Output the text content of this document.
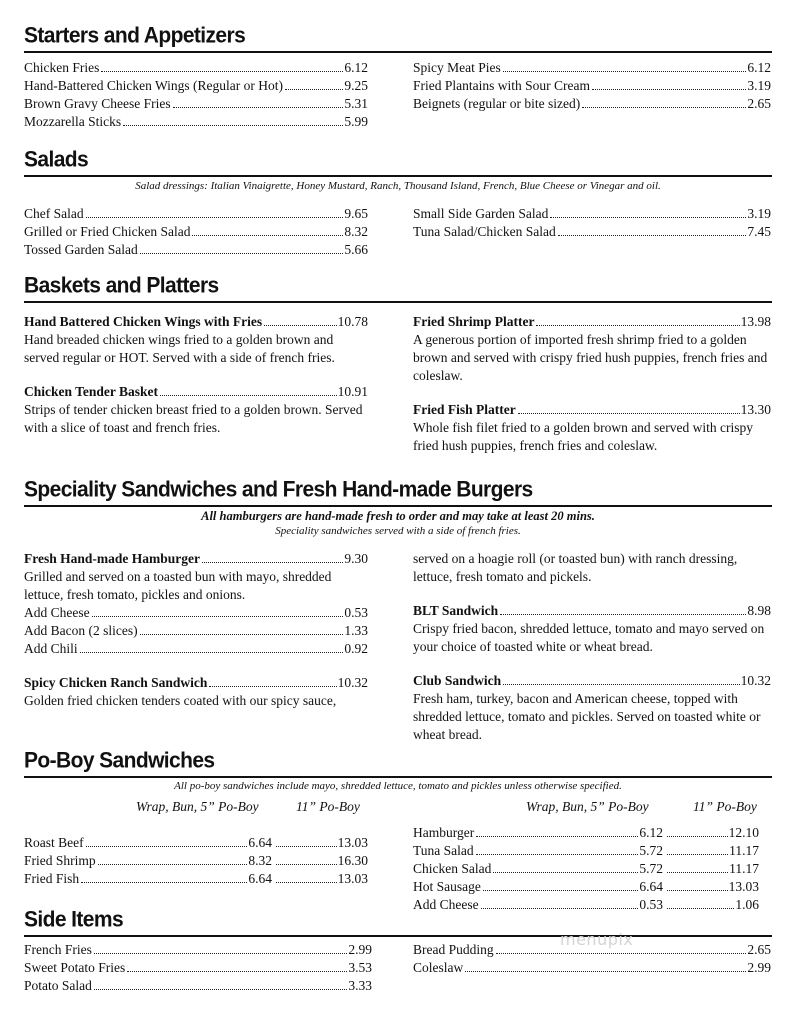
Starters and Appetizers
Chicken Fries	6.12
Hand-Battered Chicken Wings (Regular or Hot)	9.25
Brown Gravy Cheese Fries	5.31
Mozzarella Sticks	5.99
Spicy Meat Pies	6.12
Fried Plantains with Sour Cream	3.19
Beignets (regular or bite sized)	2.65
Salads
Salad dressings: Italian Vinaigrette, Honey Mustard, Ranch, Thousand Island, French, Blue Cheese or Vinegar and oil.
Chef Salad	9.65
Grilled or Fried Chicken Salad	8.32
Tossed Garden Salad	5.66
Small Side Garden Salad	3.19
Tuna Salad/Chicken Salad	7.45
Baskets and Platters
Hand Battered Chicken Wings with Fries	10.78
Hand breaded chicken wings fried to a golden brown and served regular or HOT. Served with a side of french fries.
Chicken Tender Basket	10.91
Strips of tender chicken breast fried to a golden brown. Served with a slice of toast and french fries.
Fried Shrimp Platter	13.98
A generous portion of imported fresh shrimp fried to a golden brown and served with crispy fried hush puppies, french fries and coleslaw.
Fried Fish Platter	13.30
Whole fish filet fried to a golden brown and served with crispy fried hush puppies, french fries and coleslaw.
Speciality Sandwiches and Fresh Hand-made Burgers
All hamburgers are hand-made fresh to order and may take at least 20 mins.
Speciality sandwiches served with a side of french fries.
Fresh Hand-made Hamburger	9.30
Grilled and served on a toasted bun with mayo, shredded lettuce, fresh tomato, pickles and onions.
Add Cheese	0.53
Add Bacon (2 slices)	1.33
Add Chili	0.92
Spicy Chicken Ranch Sandwich	10.32
Golden fried chicken tenders coated with our spicy sauce,
served on a hoagie roll (or toasted bun) with ranch dressing, lettuce, fresh tomato and pickels.
BLT Sandwich	8.98
Crispy fried bacon, shredded lettuce, tomato and mayo served on your choice of toasted white or wheat bread.
Club Sandwich	10.32
Fresh ham, turkey, bacon and American cheese, topped with shredded lettuce, tomato and pickles. Served on toasted white or wheat bread.
Po-Boy Sandwiches
All po-boy sandwiches include mayo, shredded lettuce, tomato and pickles unless otherwise specified.
Wrap, Bun, 5” Po-Boy	11” Po-Boy
Roast Beef	6.64	13.03
Fried Shrimp	8.32	16.30
Fried Fish	6.64	13.03
Wrap, Bun, 5” Po-Boy	11” Po-Boy
Hamburger	6.12	12.10
Tuna Salad	5.72	11.17
Chicken Salad	5.72	11.17
Hot Sausage	6.64	13.03
Add Cheese	0.53	1.06
Side Items
French Fries	2.99
Sweet Potato Fries	3.53
Potato Salad	3.33
Bread Pudding	2.65
Coleslaw	2.99
menupix
